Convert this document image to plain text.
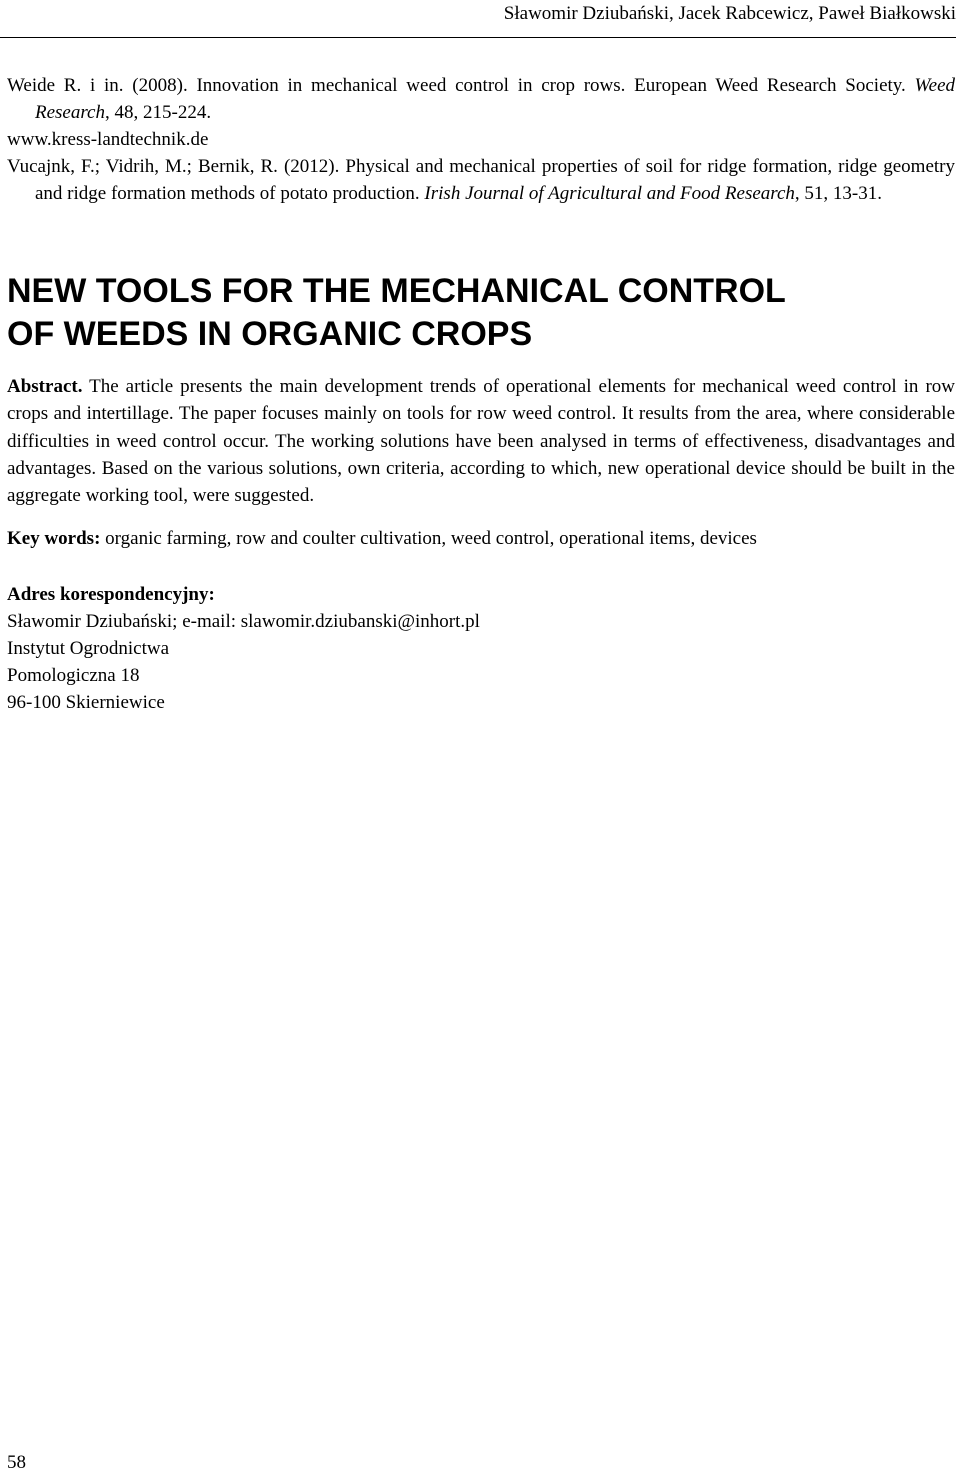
Sławomir Dziubański, Jacek Rabcewicz, Paweł Białkowski

Weide R. i in. (2008). Innovation in mechanical weed control in crop rows. European Weed Research Society. Weed Research, 48, 215-224.

www.kress-landtechnik.de

Vucajnk, F.; Vidrih, M.; Bernik, R. (2012). Physical and mechanical properties of soil for ridge formation, ridge geometry and ridge formation methods of potato production. Irish Journal of Agricultural and Food Research, 51, 13-31.

NEW TOOLS FOR THE MECHANICAL CONTROL
OF WEEDS IN ORGANIC CROPS

Abstract. The article presents the main development trends of operational elements for mechanical weed control in row crops and intertillage. The paper focuses mainly on tools for row weed control. It results from the area, where considerable difficulties in weed control occur. The working solutions have been analysed in terms of effectiveness, disadvantages and advantages. Based on the various solutions, own criteria, according to which, new operational device should be built in the aggregate working tool, were suggested.

Key words: organic farming, row and coulter cultivation, weed control, operational items, devices

Adres korespondencyjny:

Sławomir Dziubański; e-mail: slawomir.dziubanski@inhort.pl

Instytut Ogrodnictwa

Pomologiczna 18

96-100 Skierniewice

58
